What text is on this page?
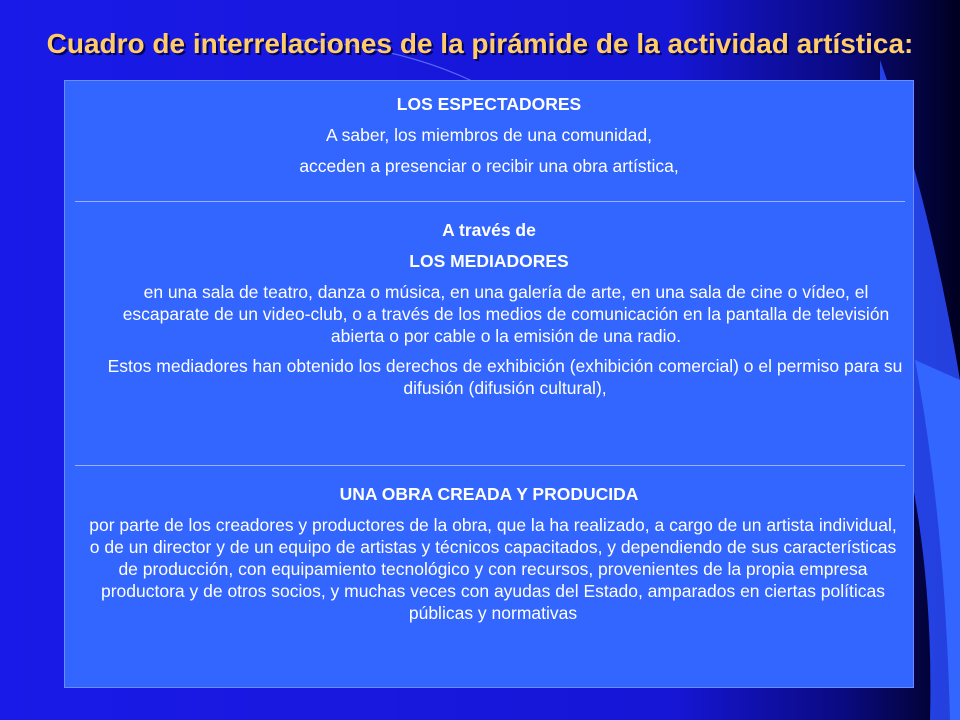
Cuadro de interrelaciones de la pirámide de la actividad artística:
LOS ESPECTADORES
A saber, los miembros de una comunidad,
acceden a presenciar o recibir una obra artística,
A través de
LOS MEDIADORES
en una sala de teatro, danza o música, en una galería de arte, en una sala de cine o vídeo, el escaparate de un video-club, o a través de los medios de comunicación en la pantalla de televisión abierta o por cable o la emisión de una radio.
Estos mediadores han obtenido los derechos de exhibición (exhibición comercial) o el permiso para su difusión (difusión cultural),
UNA OBRA CREADA Y PRODUCIDA
por parte de los creadores y productores de la obra, que la ha realizado, a cargo de un artista individual, o de un director y de un equipo de artistas y técnicos capacitados, y dependiendo de sus características de producción, con equipamiento tecnológico y con recursos, provenientes de la propia empresa productora y de otros socios, y muchas veces con ayudas del Estado, amparados en ciertas políticas públicas y normativas
